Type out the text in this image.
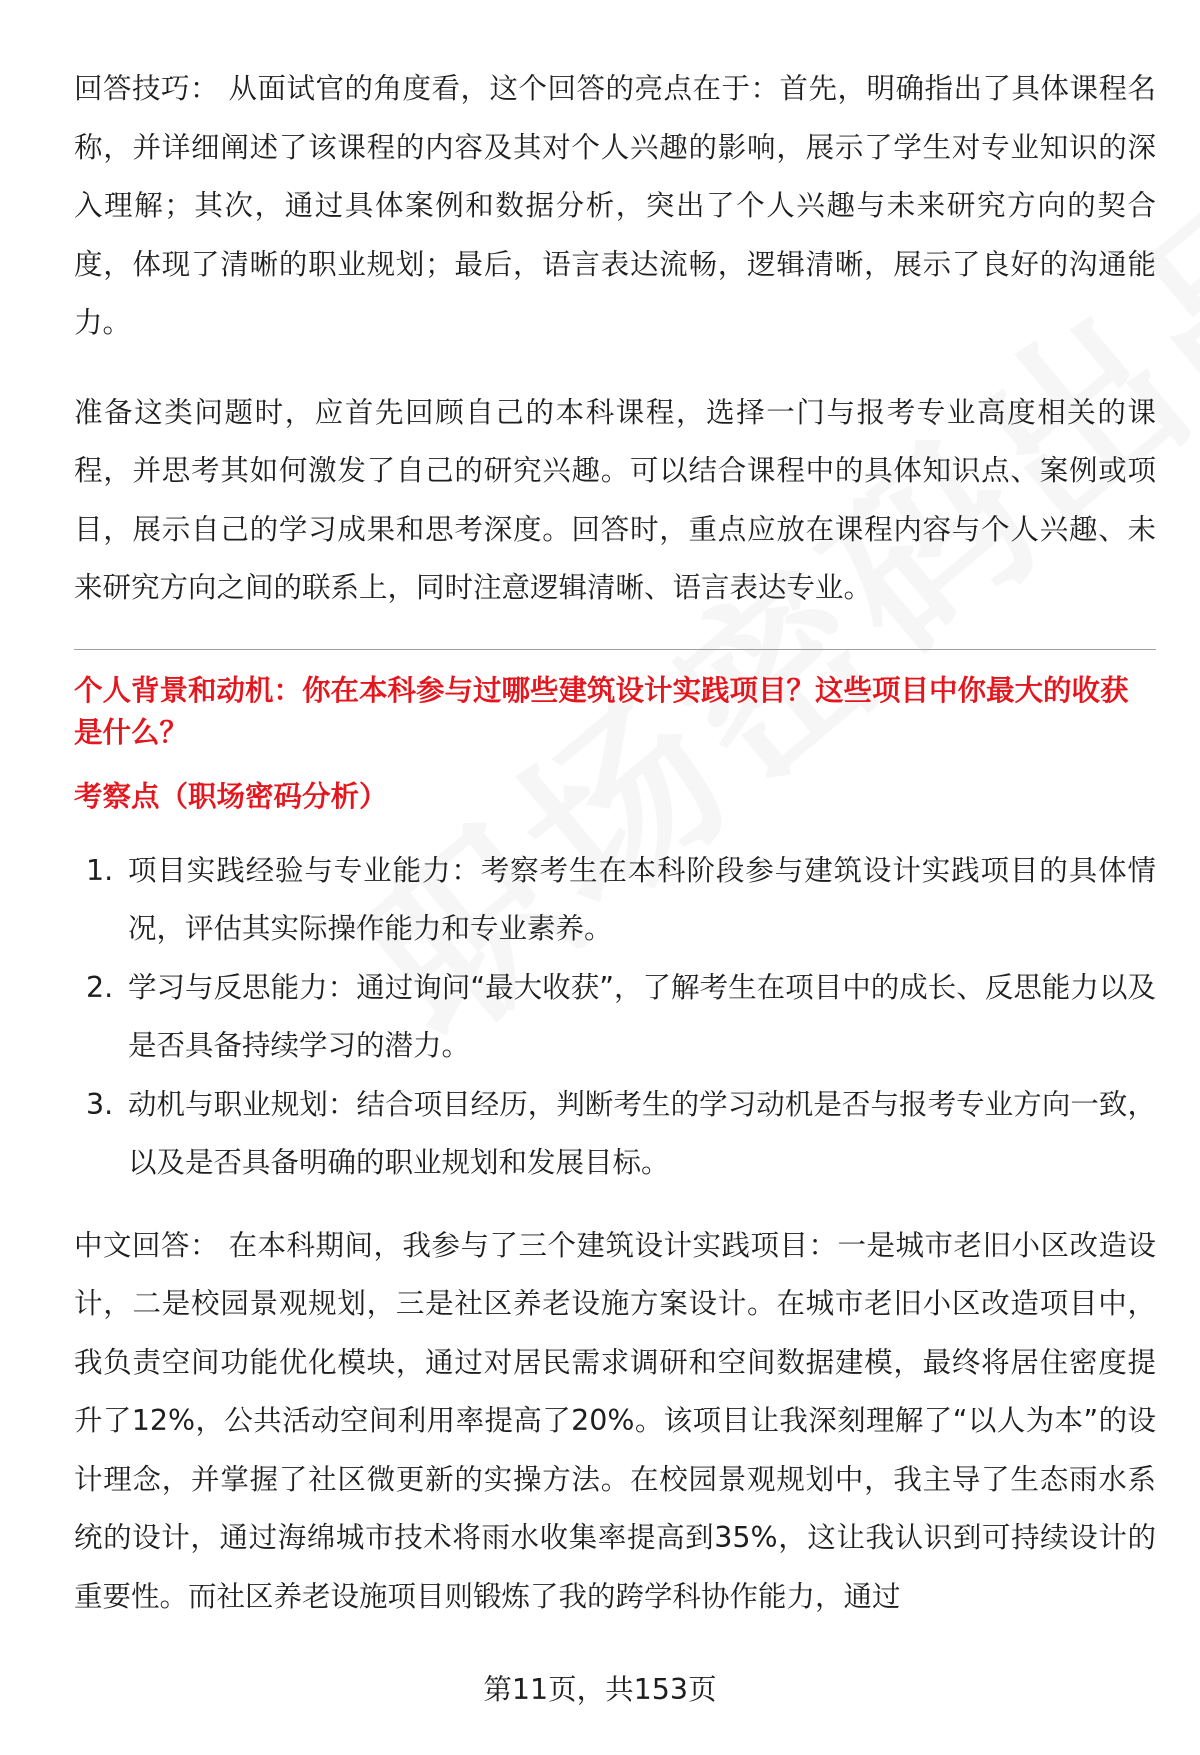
回答技巧： 从面试官的角度看，这个回答的亮点在于：首先，明确指出了具体课程名称，并详细阐述了该课程的内容及其对个人兴趣的影响，展示了学生对专业知识的深入理解；其次，通过具体案例和数据分析，突出了个人兴趣与未来研究方向的契合度，体现了清晰的职业规划；最后，语言表达流畅，逻辑清晰，展示了良好的沟通能力。

准备这类问题时，应首先回顾自己的本科课程，选择一门与报考专业高度相关的课程，并思考其如何激发了自己的研究兴趣。可以结合课程中的具体知识点、案例或项目，展示自己的学习成果和思考深度。回答时，重点应放在课程内容与个人兴趣、未来研究方向之间的联系上，同时注意逻辑清晰、语言表达专业。

个人背景和动机：你在本科参与过哪些建筑设计实践项目？这些项目中你最大的收获是什么？
考察点（职场密码分析）
1. 项目实践经验与专业能力：考察考生在本科阶段参与建筑设计实践项目的具体情况，评估其实际操作能力和专业素养。
2. 学习与反思能力：通过询问“最大收获”，了解考生在项目中的成长、反思能力以及是否具备持续学习的潜力。
3. 动机与职业规划：结合项目经历，判断考生的学习动机是否与报考专业方向一致，以及是否具备明确的职业规划和发展目标。

中文回答： 在本科期间，我参与了三个建筑设计实践项目：一是城市老旧小区改造设计，二是校园景观规划，三是社区养老设施方案设计。在城市老旧小区改造项目中，我负责空间功能优化模块，通过对居民需求调研和空间数据建模，最终将居住密度提升了12%，公共活动空间利用率提高了20%。该项目让我深刻理解了“以人为本”的设计理念，并掌握了社区微更新的实操方法。在校园景观规划中，我主导了生态雨水系统的设计，通过海绵城市技术将雨水收集率提高到35%，这让我认识到可持续设计的重要性。而社区养老设施项目则锻炼了我的跨学科协作能力，通过

第11页，共153页
